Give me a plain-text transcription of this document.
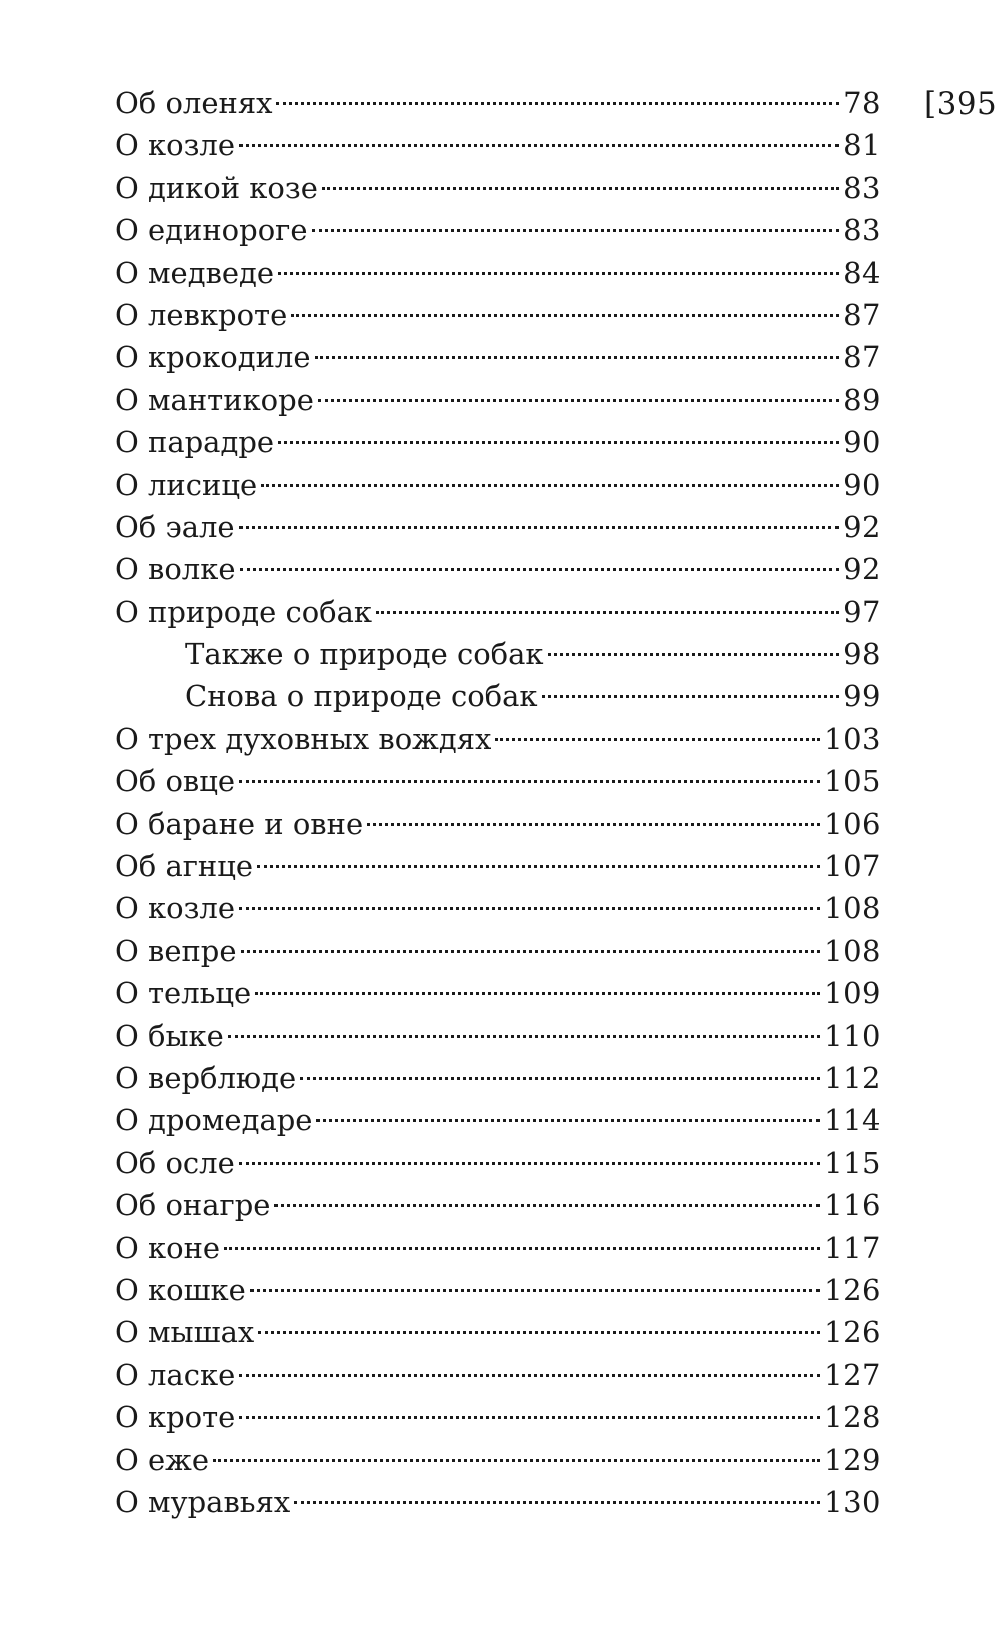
[395
Об оленях	78
О козле	81
О дикой козе	83
О единороге	83
О медведе	84
О левкроте	87
О крокодиле	87
О мантикоре	89
О парадре	90
О лисице	90
Об эале	92
О волке	92
О природе собак	97
Также о природе собак	98
Снова о природе собак	99
О трех духовных вождях	103
Об овце	105
О баране и овне	106
Об агнце	107
О козле	108
О вепре	108
О тельце	109
О быке	110
О верблюде	112
О дромедаре	114
Об осле	115
Об онагре	116
О коне	117
О кошке	126
О мышах	126
О ласке	127
О кроте	128
О еже	129
О муравьях	130
